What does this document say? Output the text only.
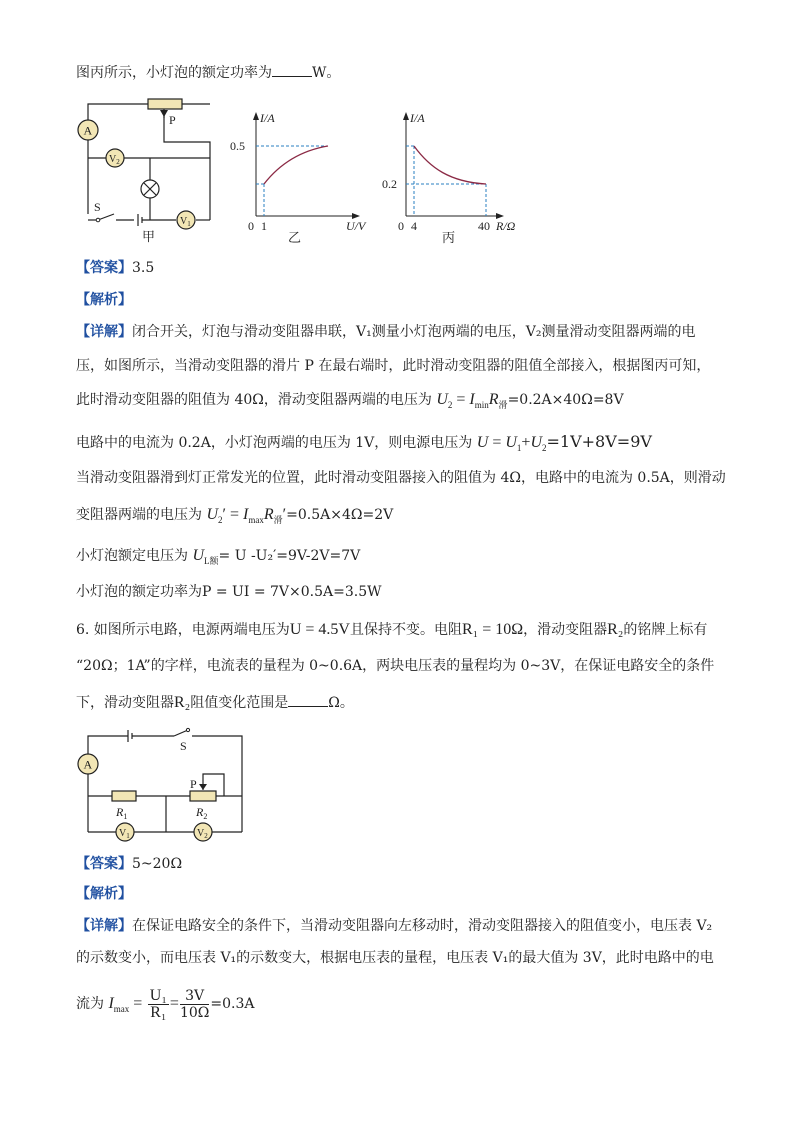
图丙所示，小灯泡的额定功率为	W。
A
$V_2$
$V_1$
S
P
甲
I/A
0.5
0 1	U/V
乙
I/A
0.2
0 4	40 R/Ω
丙
【答案】3.5
【解析】
【详解】闭合开关，灯泡与滑动变阻器串联，V₁测量小灯泡两端的电压，V₂测量滑动变阻器两端的电
压，如图所示，当滑动变阻器的滑片 P 在最右端时，此时滑动变阻器的阻值全部接入，根据图丙可知，
此时滑动变阻器的阻值为 40Ω，滑动变阻器两端的电压为 $U_2 = I_{min}R_滑=0.2A\times 40\Omega=8V$
电路中的电流为 0.2A，小灯泡两端的电压为 1V，则电源电压为 $U = U_1+U_2=1V+8V=9V$
当滑动变阻器滑到灯正常发光的位置，此时滑动变阻器接入的阻值为 4Ω，电路中的电流为 0.5A，则滑动
变阻器两端的电压为 $U_2' = I_{max}R_滑'=0.5A\times 4\Omega=2V$
小灯泡额定电压为 $U_{L额}= U$ -U₂′=9V-2V=7V
小灯泡的额定功率为P = UI = 7V×0.5A=3.5W
6. 如图所示电路，电源两端电压为U = 4.5V且保持不变。电阻R₁ = 10Ω，滑动变阻器R₂的铭牌上标有
“20Ω；1A”的字样，电流表的量程为 0~0.6A，两块电压表的量程均为 0~3V，在保证电路安全的条件
下，滑动变阻器R₂阻值变化范围是	Ω。
A
$V_1$	$V_2$
S
P
$R_1$	$R_2$
【答案】5~20Ω
【解析】
【详解】在保证电路安全的条件下，当滑动变阻器向左移动时，滑动变阻器接入的阻值变小，电压表 V₂
的示数变小，而电压表 V₁的示数变大，根据电压表的量程，电压表 V₁的最大值为 3V，此时电路中的电
流为 $I_{max} = \frac{\text{U₁}}{\text{R₁}} = \frac{3V}{10\Omega} =0.3A$
